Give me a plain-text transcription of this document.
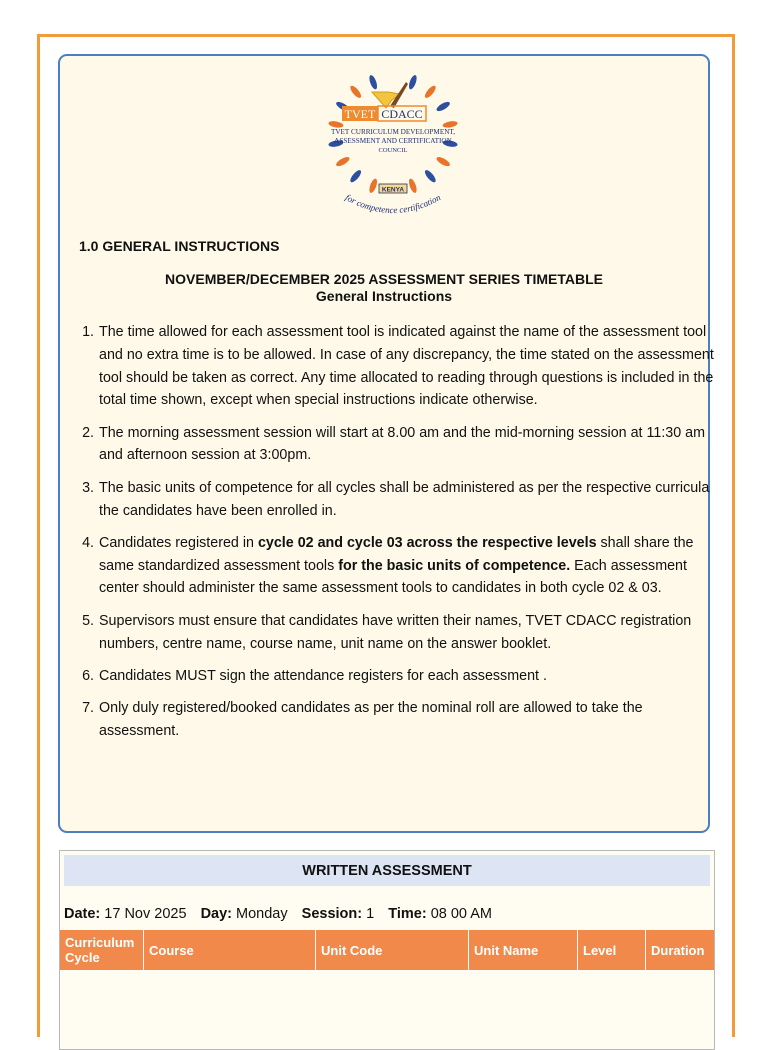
TVET CDACC
TVET CURRICULUM DEVELOPMENT,
ASSESSMENT AND CERTIFICATION
COUNCIL
KENYA
for competence certification
1.0 GENERAL INSTRUCTIONS
NOVEMBER/DECEMBER 2025 ASSESSMENT SERIES TIMETABLE
General Instructions
1. The time allowed for each assessment tool is indicated against the name of the assessment tool and no extra time is to be allowed. In case of any discrepancy, the time stated on the assessment tool should be taken as correct. Any time allocated to reading through questions is included in the total time shown, except when special instructions indicate otherwise.
2. The morning assessment session will start at 8.00 am and the mid-morning session at 11:30 am and afternoon session at 3:00pm.
3. The basic units of competence for all cycles shall be administered as per the respective curricula the candidates have been enrolled in.
4. Candidates registered in cycle 02 and cycle 03 across the respective levels shall share the same standardized assessment tools for the basic units of competence. Each assessment center should administer the same assessment tools to candidates in both cycle 02 & 03.
5. Supervisors must ensure that candidates have written their names, TVET CDACC registration numbers, centre name, course name, unit name on the answer booklet.
6. Candidates MUST sign the attendance registers for each assessment .
7. Only duly registered/booked candidates as per the nominal roll are allowed to take the assessment.
WRITTEN ASSESSMENT
Date: 17 Nov 2025 Day: Monday Session: 1 Time: 08 00 AM
Curriculum Cycle	Course	Unit Code	Unit Name	Level	Duration
